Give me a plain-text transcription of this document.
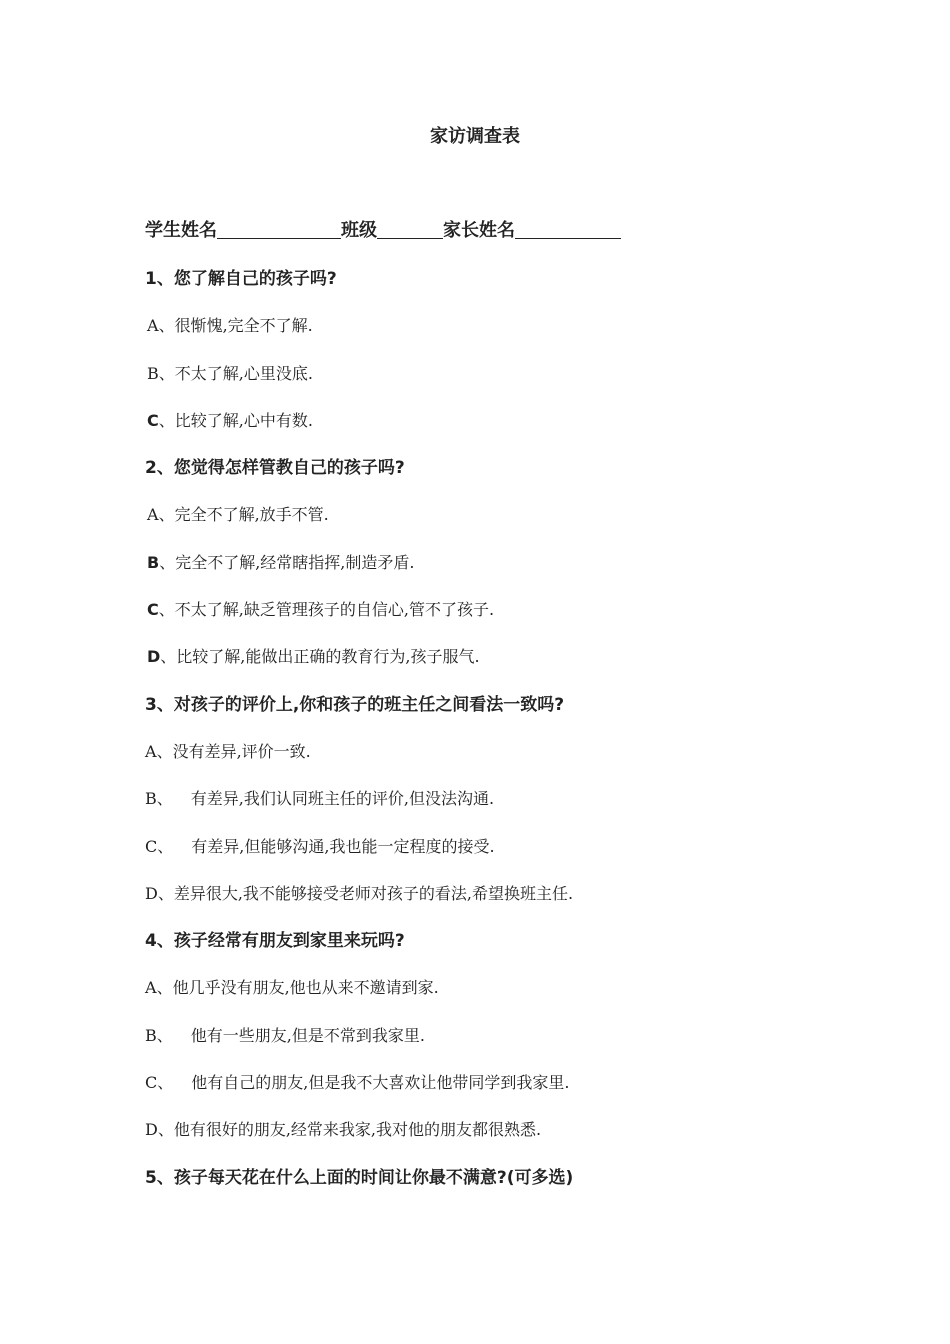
家访调查表
学生姓名	班级	家长姓名
1、您了解自己的孩子吗?
A、很惭愧,完全不了解.
B、不太了解,心里没底.
C、比较了解,心中有数.
2、您觉得怎样管教自己的孩子吗?
A、完全不了解,放手不管.
B、完全不了解,经常瞎指挥,制造矛盾.
C、不太了解,缺乏管理孩子的自信心,管不了孩子.
D、比较了解,能做出正确的教育行为,孩子服气.
3、对孩子的评价上,你和孩子的班主任之间看法一致吗?
A、没有差异,评价一致.
B、 有差异,我们认同班主任的评价,但没法沟通.
C、 有差异,但能够沟通,我也能一定程度的接受.
D、差异很大,我不能够接受老师对孩子的看法,希望换班主任.
4、孩子经常有朋友到家里来玩吗?
A、他几乎没有朋友,他也从来不邀请到家.
B、 他有一些朋友,但是不常到我家里.
C、 他有自己的朋友,但是我不大喜欢让他带同学到我家里.
D、他有很好的朋友,经常来我家,我对他的朋友都很熟悉.
5、孩子每天花在什么上面的时间让你最不满意?(可多选)
